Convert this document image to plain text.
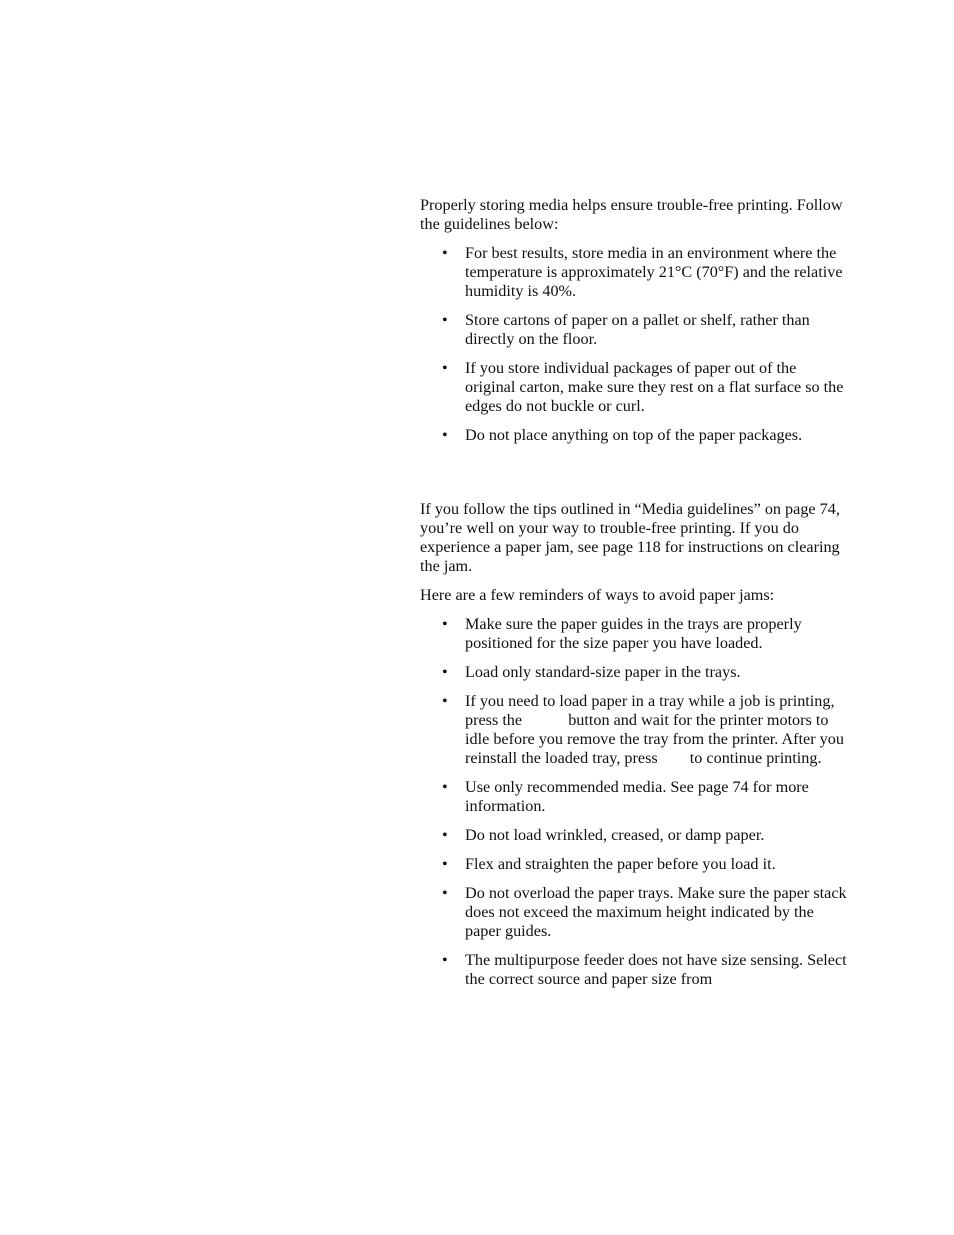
Properly storing media helps ensure trouble-free printing. Follow the guidelines below:

• For best results, store media in an environment where the temperature is approximately 21°C (70°F) and the relative humidity is 40%.
• Store cartons of paper on a pallet or shelf, rather than directly on the floor.
• If you store individual packages of paper out of the original carton, make sure they rest on a flat surface so the edges do not buckle or curl.
• Do not place anything on top of the paper packages.

If you follow the tips outlined in “Media guidelines” on page 74, you’re well on your way to trouble-free printing. If you do experience a paper jam, see page 118 for instructions on clearing the jam.

Here are a few reminders of ways to avoid paper jams:

• Make sure the paper guides in the trays are properly positioned for the size paper you have loaded.
• Load only standard-size paper in the trays.
• If you need to load paper in a tray while a job is printing, press the	button and wait for the printer motors to idle before you remove the tray from the printer. After you reinstall the loaded tray, press to continue printing.
• Use only recommended media. See page 74 for more information.
• Do not load wrinkled, creased, or damp paper.
• Flex and straighten the paper before you load it.
• Do not overload the paper trays. Make sure the paper stack does not exceed the maximum height indicated by the paper guides.
• The multipurpose feeder does not have size sensing. Select the correct source and paper size from
